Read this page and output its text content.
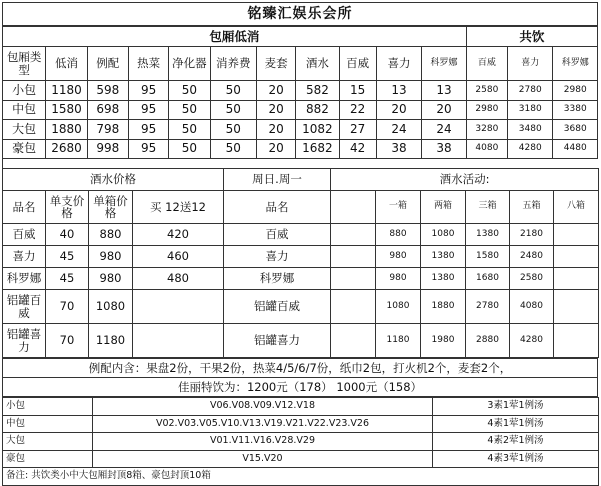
铭臻汇娱乐会所
包厢低消											共饮		
包厢类型	低消	例配	热菜	净化器	消养费	麦套	酒水	百威	喜力	科罗娜	百威	喜力	科罗娜
小包	1180	598	95	50	50	20	582	15	13	13	2580	2780	2980
中包	1580	698	95	50	50	20	882	22	20	20	2980	3180	3380
大包	1880	798	95	50	50	20	1082	27	24	24	3280	3480	3680
豪包	2680	998	95	50	50	20	1682	42	38	38	4080	4280	4480
酒水价格				周日.周一	酒水活动:					
品名	单支价格	单箱价格	买 12送12	品名		一箱	两箱	三箱	五箱	八箱
百威	40	880	420	百威		880	1080	1380	2180	
喜力	45	980	460	喜力		980	1380	1580	2480	
科罗娜	45	980	480	科罗娜		980	1380	1680	2580	
铝罐百威	70	1080		铝罐百威		1080	1880	2780	4080	
铝罐喜力	70	1180		铝罐喜力		1180	1980	2880	4280	
例配内含：果盘2份，干果2份，热菜4/5/6/7份，纸巾2包，打火机2个，麦套2个，
佳丽特饮为：1200元（178） 1000元（158）
小包	V06.V08.V09.V12.V18	3素1荤1例汤
中包	V02.V03.V05.V10.V13.V19.V21.V22.V23.V26	4素1荤1例汤
大包	V01.V11.V16.V28.V29	4素2荤1例汤
豪包	V15.V20	4素3荤1例汤
备注: 共饮类小中大包厢封顶8箱、豪包封顶10箱		
